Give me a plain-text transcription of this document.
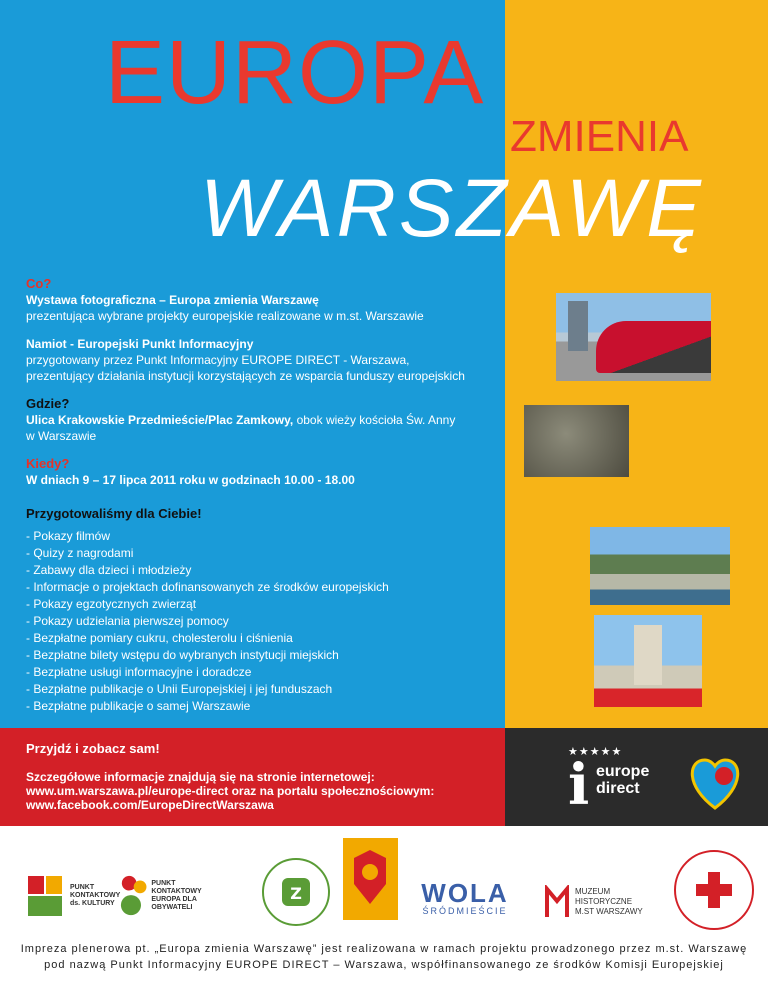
EUROPA
ZMIENIA
WARSZAWĘ
Co?
Wystawa fotograficzna – Europa zmienia Warszawę
prezentująca wybrane projekty europejskie realizowane w m.st. Warszawie
Namiot - Europejski Punkt Informacyjny
przygotowany przez Punkt Informacyjny EUROPE DIRECT - Warszawa,
prezentujący działania instytucji korzystających ze wsparcia funduszy europejskich
Gdzie?
Ulica Krakowskie Przedmieście/Plac Zamkowy, obok wieży kościoła Św. Anny
w Warszawie
Kiedy?
W dniach 9 – 17 lipca 2011 roku w godzinach 10.00 - 18.00
Przygotowaliśmy dla Ciebie!
- Pokazy filmów
- Quizy z nagrodami
- Zabawy dla dzieci i młodzieży
- Informacje o projektach dofinansowanych ze środków europejskich
- Pokazy egzotycznych zwierząt
- Pokazy udzielania pierwszej pomocy
- Bezpłatne pomiary cukru, cholesterolu i ciśnienia
- Bezpłatne bilety wstępu do wybranych instytucji miejskich
- Bezpłatne usługi informacyjne i doradcze
- Bezpłatne publikacje o Unii Europejskiej i jej funduszach
- Bezpłatne publikacje o samej Warszawie
Przyjdź i zobacz sam!
Szczegółowe informacje znajdują się na stronie internetowej:
www.um.warszawa.pl/europe-direct oraz na portalu społecznościowym:
www.facebook.com/EuropeDirectWarszawa
★★★★★
i europe
direct
PUNKT
KONTAKTOWY
ds. KULTURY
PUNKT
KONTAKTOWY
EUROPA DLA OBYWATELI
Z	WOLA
ŚRÓDMIEŚCIE
MUZEUM
HISTORYCZNE
M.ST WARSZAWY
Impreza plenerowa pt. „Europa zmienia Warszawę” jest realizowana w ramach projektu prowadzonego przez m.st. Warszawę
pod nazwą Punkt Informacyjny EUROPE DIRECT – Warszawa, współfinansowanego ze środków Komisji Europejskiej
